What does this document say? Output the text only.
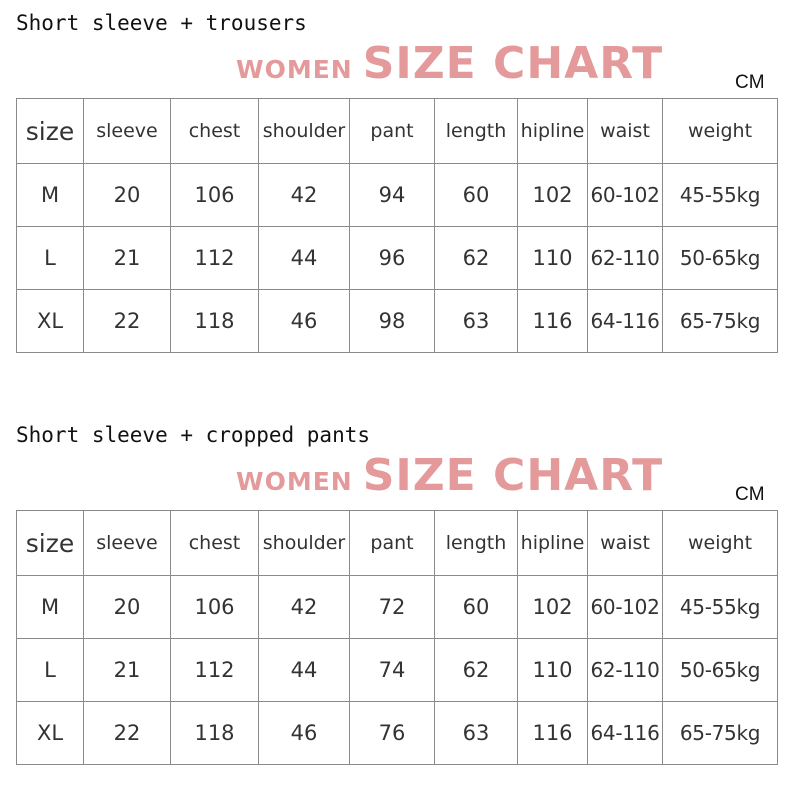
Short sleeve + trousers
WOMEN SIZE CHART	CM
size	sleeve	chest	shoulder	pant	length	hipline	waist	weight
M	20	106	42	94	60	102	60-102	45-55kg
L	21	112	44	96	62	110	62-110	50-65kg
XL	22	118	46	98	63	116	64-116	65-75kg
Short sleeve + cropped pants
WOMEN SIZE CHART	CM
size	sleeve	chest	shoulder	pant	length	hipline	waist	weight
M	20	106	42	72	60	102	60-102	45-55kg
L	21	112	44	74	62	110	62-110	50-65kg
XL	22	118	46	76	63	116	64-116	65-75kg
